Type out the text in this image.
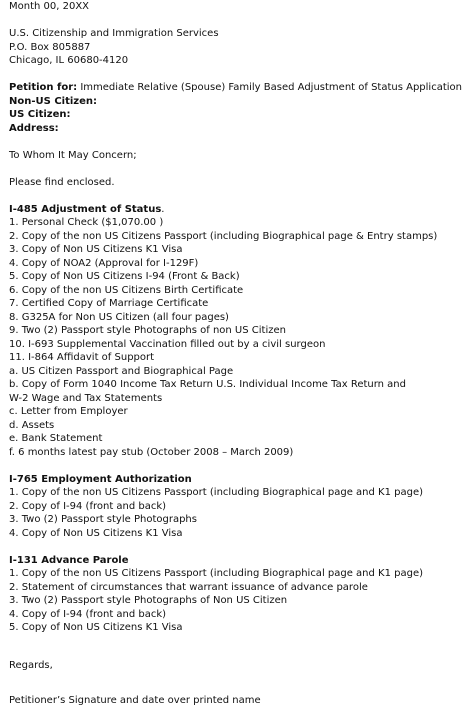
Month 00, 20XX
U.S. Citizenship and Immigration Services
P.O. Box 805887
Chicago, IL 60680-4120
Petition for: Immediate Relative (Spouse) Family Based Adjustment of Status Application
Non-US Citizen:
US Citizen:
Address:
To Whom It May Concern;
Please find enclosed.
I-485 Adjustment of Status.
1. Personal Check ($1,070.00 )
2. Copy of the non US Citizens Passport (including Biographical page & Entry stamps)
3. Copy of Non US Citizens K1 Visa
4. Copy of NOA2 (Approval for I-129F)
5. Copy of Non US Citizens I-94 (Front & Back)
6. Copy of the non US Citizens Birth Certificate
7. Certified Copy of Marriage Certificate
8. G325A for Non US Citizen (all four pages)
9. Two (2) Passport style Photographs of non US Citizen
10. I-693 Supplemental Vaccination filled out by a civil surgeon
11. I-864 Affidavit of Support
a. US Citizen Passport and Biographical Page
b. Copy of Form 1040 Income Tax Return U.S. Individual Income Tax Return and
W-2 Wage and Tax Statements
c. Letter from Employer
d. Assets
e. Bank Statement
f. 6 months latest pay stub (October 2008 – March 2009)
I-765 Employment Authorization
1. Copy of the non US Citizens Passport (including Biographical page and K1 page)
2. Copy of I-94 (front and back)
3. Two (2) Passport style Photographs
4. Copy of Non US Citizens K1 Visa
I-131 Advance Parole
1. Copy of the non US Citizens Passport (including Biographical page and K1 page)
2. Statement of circumstances that warrant issuance of advance parole
3. Two (2) Passport style Photographs of Non US Citizen
4. Copy of I-94 (front and back)
5. Copy of Non US Citizens K1 Visa
Regards,
Petitioner’s Signature and date over printed name
